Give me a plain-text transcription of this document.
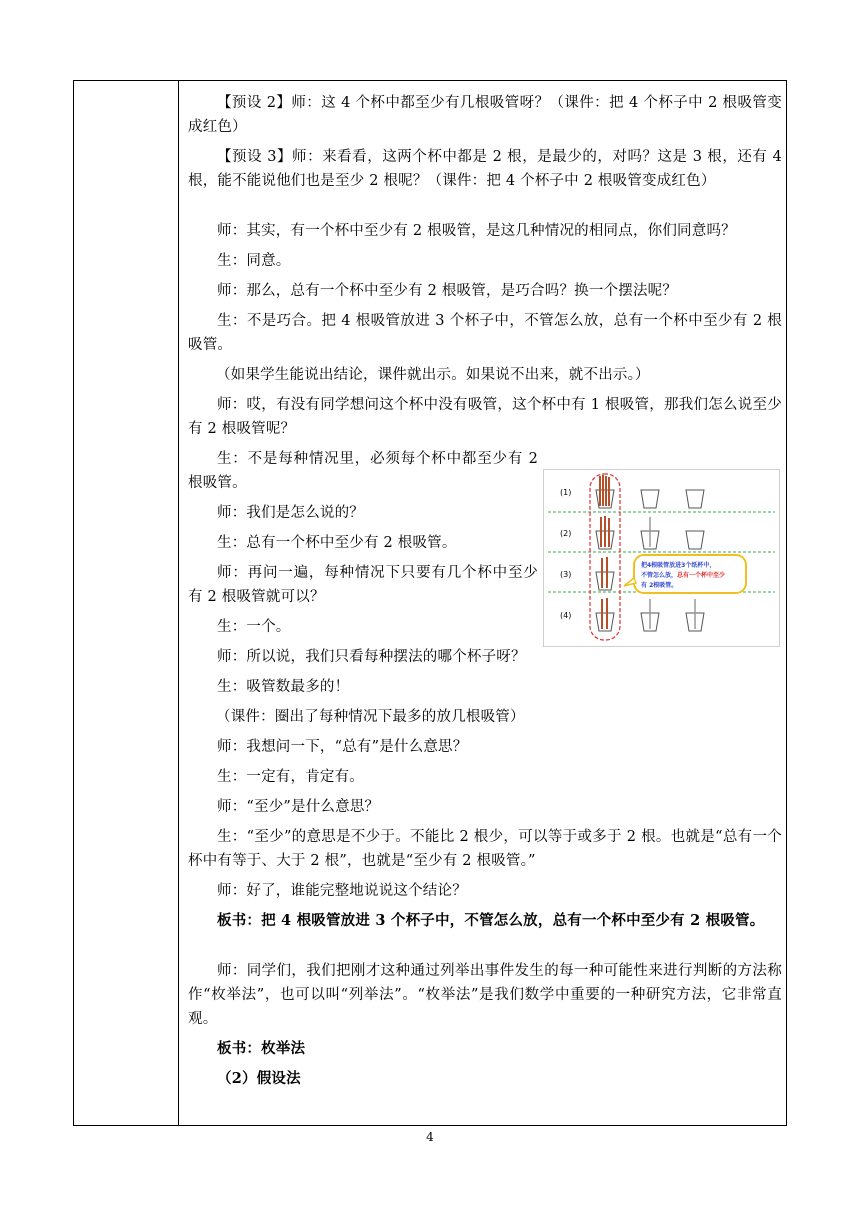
【预设 2】师：这 4 个杯中都至少有几根吸管呀？（课件：把 4 个杯子中 2 根吸管变成红色）

【预设 3】师：来看看，这两个杯中都是 2 根，是最少的，对吗？这是 3 根，还有 4 根，能不能说他们也是至少 2 根呢？（课件：把 4 个杯子中 2 根吸管变成红色）

师：其实，有一个杯中至少有 2 根吸管，是这几种情况的相同点，你们同意吗？

生：同意。

师：那么，总有一个杯中至少有 2 根吸管，是巧合吗？换一个摆法呢？

生：不是巧合。把 4 根吸管放进 3 个杯子中，不管怎么放，总有一个杯中至少有 2 根吸管。

（如果学生能说出结论，课件就出示。如果说不出来，就不出示。）

师：哎，有没有同学想问这个杯中没有吸管，这个杯中有 1 根吸管，那我们怎么说至少有 2 根吸管呢？

生：不是每种情况里，必须每个杯中都至少有 2 根吸管。

师：我们是怎么说的？

生：总有一个杯中至少有 2 根吸管。

师：再问一遍，每种情况下只要有几个杯中至少有 2 根吸管就可以？

生：一个。

师：所以说，我们只看每种摆法的哪个杯子呀？

生：吸管数最多的！

（课件：圈出了每种情况下最多的放几根吸管）

师：我想问一下，“总有”是什么意思？

生：一定有，肯定有。

师：“至少”是什么意思？

生：“至少”的意思是不少于。不能比 2 根少，可以等于或多于 2 根。也就是“总有一个杯中有等于、大于 2 根”，也就是“至少有 2 根吸管。”

师：好了，谁能完整地说说这个结论？

板书：把 4 根吸管放进 3 个杯子中，不管怎么放，总有一个杯中至少有 2 根吸管。

师：同学们，我们把刚才这种通过列举出事件发生的每一种可能性来进行判断的方法称作“枚举法”，也可以叫“列举法”。“枚举法”是我们数学中重要的一种研究方法，它非常直观。

板书：枚举法

（2）假设法

(1)
(2)
(3)
(4)
把4根吸管放进3个纸杯中，
不管怎么放，总有一个杯中至少
有 2根吸管。
4
